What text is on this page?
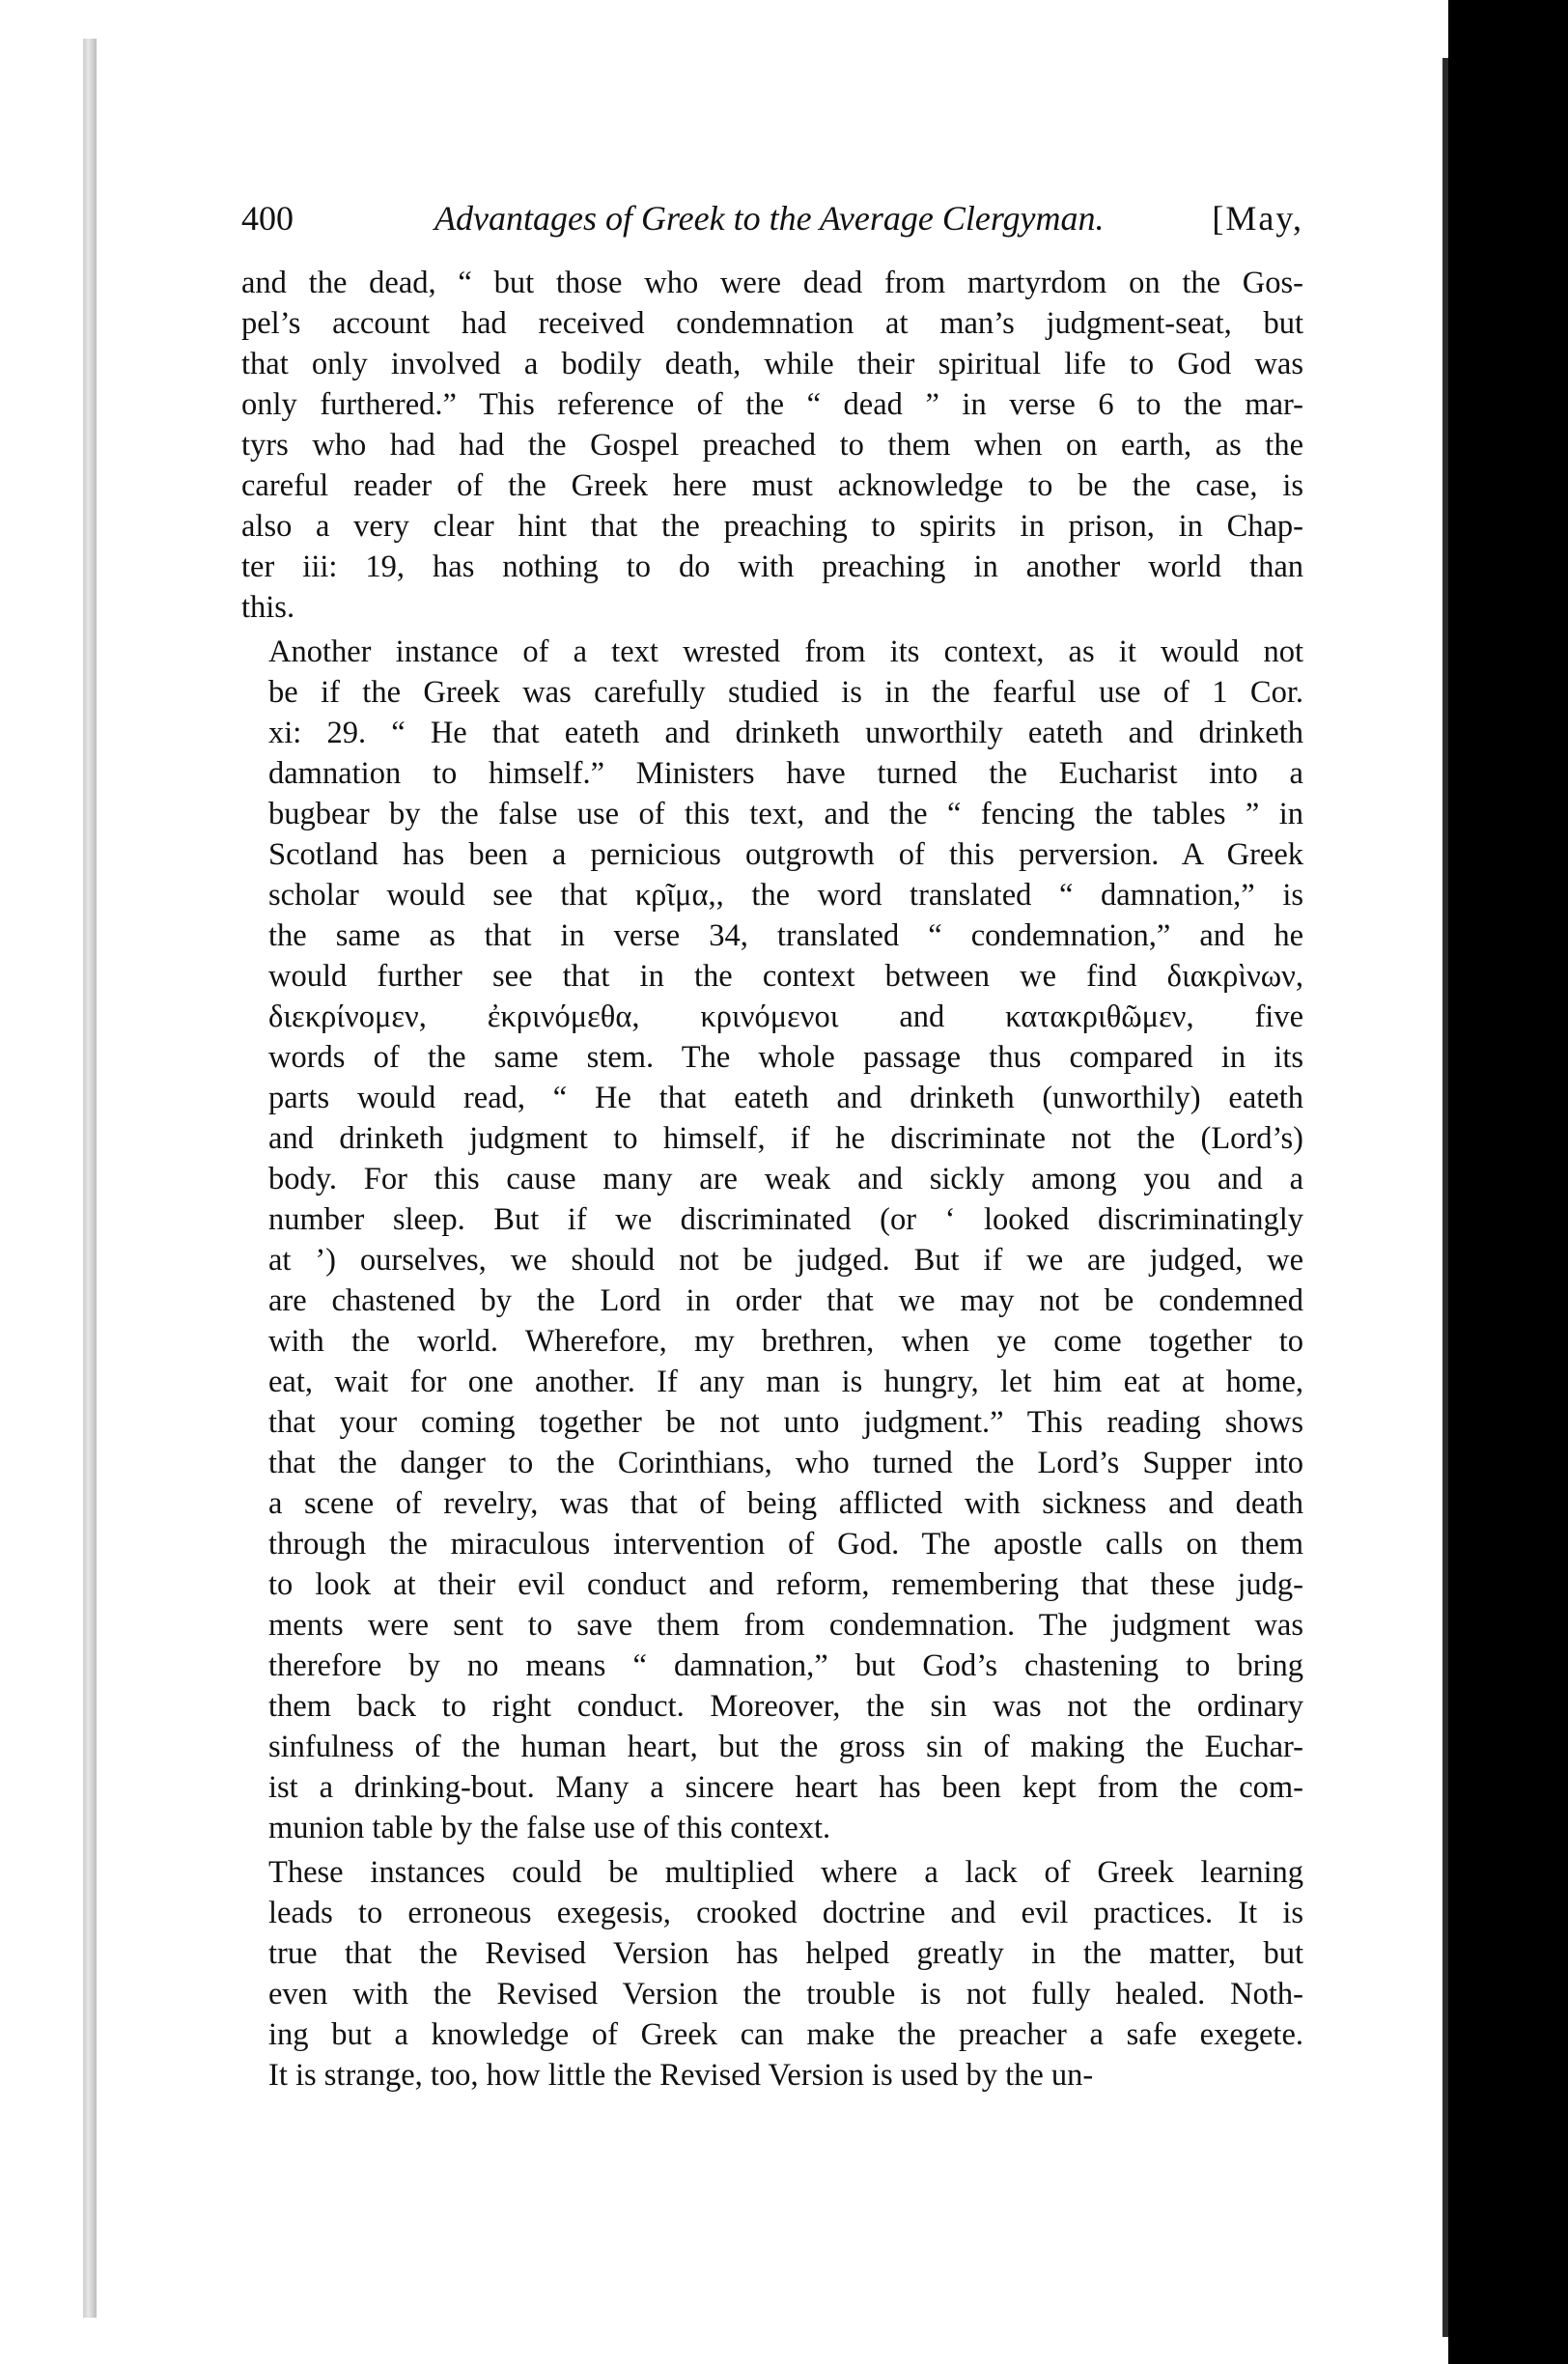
400	Advantages of Greek to the Average Clergyman.	[May,

and the dead, “ but those who were dead from martyrdom on the Gos-
pel’s account had received condemnation at man’s judgment-seat, but
that only involved a bodily death, while their spiritual life to God was
only furthered.” This reference of the “ dead ” in verse 6 to the mar-
tyrs who had had the Gospel preached to them when on earth, as the
careful reader of the Greek here must acknowledge to be the case, is
also a very clear hint that the preaching to spirits in prison, in Chap-
ter iii: 19, has nothing to do with preaching in another world than
this.

Another instance of a text wrested from its context, as it would not
be if the Greek was carefully studied is in the fearful use of 1 Cor.
xi: 29. “ He that eateth and drinketh unworthily eateth and drinketh
damnation to himself.” Ministers have turned the Eucharist into a
bugbear by the false use of this text, and the “ fencing the tables ” in
Scotland has been a pernicious outgrowth of this perversion. A Greek
scholar would see that κρῖμα,, the word translated “ damnation,” is
the same as that in verse 34, translated “ condemnation,” and he
would further see that in the context between we find διακρὶνων,
διεκρίνομεν, ἐκρινόμεθα, κρινόμενοι and κατακριθῶμεν, five
words of the same stem. The whole passage thus compared in its
parts would read, “ He that eateth and drinketh (unworthily) eateth
and drinketh judgment to himself, if he discriminate not the (Lord’s)
body. For this cause many are weak and sickly among you and a
number sleep. But if we discriminated (or ‘ looked discriminatingly
at ’) ourselves, we should not be judged. But if we are judged, we
are chastened by the Lord in order that we may not be condemned
with the world. Wherefore, my brethren, when ye come together to
eat, wait for one another. If any man is hungry, let him eat at home,
that your coming together be not unto judgment.” This reading shows
that the danger to the Corinthians, who turned the Lord’s Supper into
a scene of revelry, was that of being afflicted with sickness and death
through the miraculous intervention of God. The apostle calls on them
to look at their evil conduct and reform, remembering that these judg-
ments were sent to save them from condemnation. The judgment was
therefore by no means “ damnation,” but God’s chastening to bring
them back to right conduct. Moreover, the sin was not the ordinary
sinfulness of the human heart, but the gross sin of making the Euchar-
ist a drinking-bout. Many a sincere heart has been kept from the com-
munion table by the false use of this context.

These instances could be multiplied where a lack of Greek learning
leads to erroneous exegesis, crooked doctrine and evil practices. It is
true that the Revised Version has helped greatly in the matter, but
even with the Revised Version the trouble is not fully healed. Noth-
ing but a knowledge of Greek can make the preacher a safe exegete.
It is strange, too, how little the Revised Version is used by the un-
